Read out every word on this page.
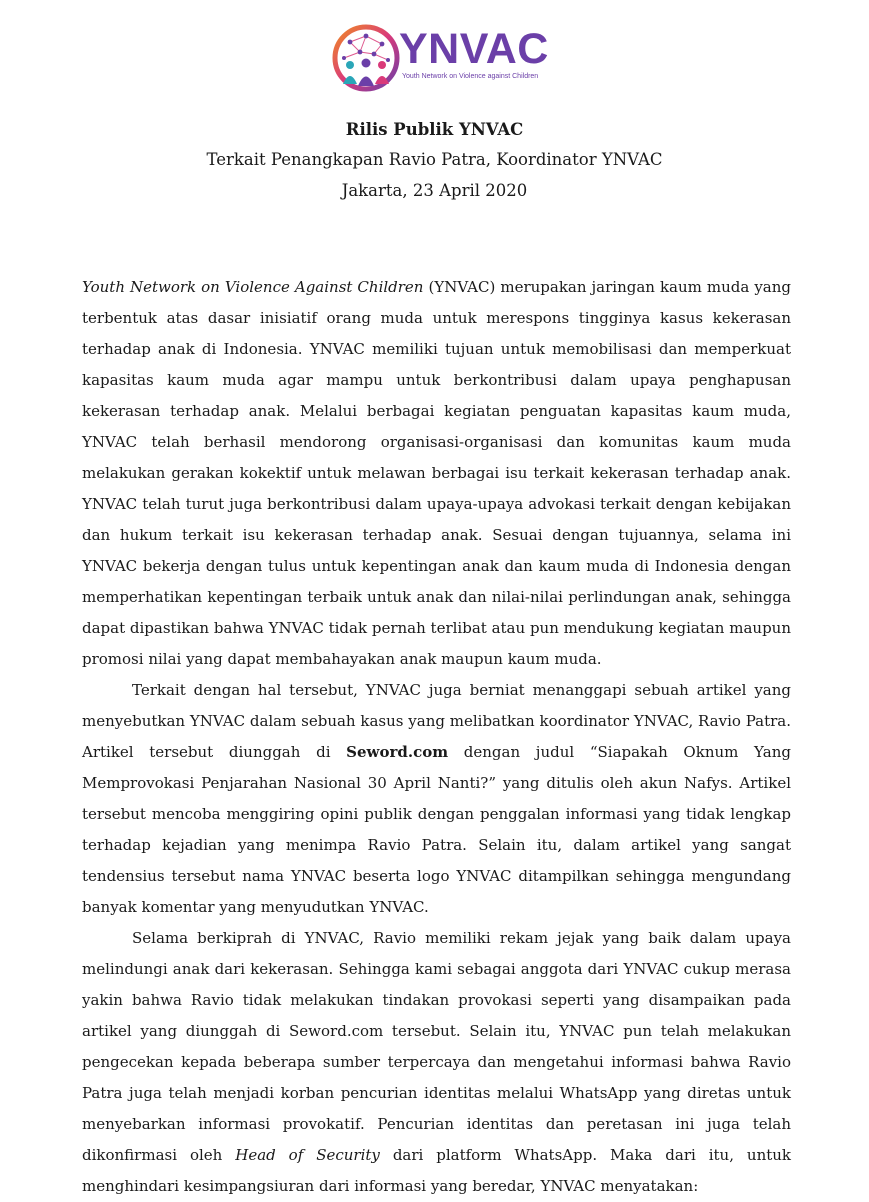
YNVAC
Youth Network on Violence against Children
Rilis Publik YNVAC
Terkait Penangkapan Ravio Patra, Koordinator YNVAC
Jakarta, 23 April 2020

Youth Network on Violence Against Children (YNVAC) merupakan jaringan kaum muda yang terbentuk atas dasar inisiatif orang muda untuk merespons tingginya kasus kekerasan terhadap anak di Indonesia. YNVAC memiliki tujuan untuk memobilisasi dan memperkuat kapasitas kaum muda agar mampu untuk berkontribusi dalam upaya penghapusan kekerasan terhadap anak. Melalui berbagai kegiatan penguatan kapasitas kaum muda, YNVAC telah berhasil mendorong organisasi-organisasi dan komunitas kaum muda melakukan gerakan kokektif untuk melawan berbagai isu terkait kekerasan terhadap anak. YNVAC telah turut juga berkontribusi dalam upaya-upaya advokasi terkait dengan kebijakan dan hukum terkait isu kekerasan terhadap anak. Sesuai dengan tujuannya, selama ini YNVAC bekerja dengan tulus untuk kepentingan anak dan kaum muda di Indonesia dengan memperhatikan kepentingan terbaik untuk anak dan nilai-nilai perlindungan anak, sehingga dapat dipastikan bahwa YNVAC tidak pernah terlibat atau pun mendukung kegiatan maupun promosi nilai yang dapat membahayakan anak maupun kaum muda.

Terkait dengan hal tersebut, YNVAC juga berniat menanggapi sebuah artikel yang menyebutkan YNVAC dalam sebuah kasus yang melibatkan koordinator YNVAC, Ravio Patra. Artikel tersebut diunggah di Seword.com dengan judul “Siapakah Oknum Yang Memprovokasi Penjarahan Nasional 30 April Nanti?” yang ditulis oleh akun Nafys. Artikel tersebut mencoba menggiring opini publik dengan penggalan informasi yang tidak lengkap terhadap kejadian yang menimpa Ravio Patra. Selain itu, dalam artikel yang sangat tendensius tersebut nama YNVAC beserta logo YNVAC ditampilkan sehingga mengundang banyak komentar yang menyudutkan YNVAC.

Selama berkiprah di YNVAC, Ravio memiliki rekam jejak yang baik dalam upaya melindungi anak dari kekerasan. Sehingga kami sebagai anggota dari YNVAC cukup merasa yakin bahwa Ravio tidak melakukan tindakan provokasi seperti yang disampaikan pada artikel yang diunggah di Seword.com tersebut. Selain itu, YNVAC pun telah melakukan pengecekan kepada beberapa sumber terpercaya dan mengetahui informasi bahwa Ravio Patra juga telah menjadi korban pencurian identitas melalui WhatsApp yang diretas untuk menyebarkan informasi provokatif. Pencurian identitas dan peretasan ini juga telah dikonfirmasi oleh Head of Security dari platform WhatsApp. Maka dari itu, untuk menghindari kesimpangsiuran dari informasi yang beredar, YNVAC menyatakan:
